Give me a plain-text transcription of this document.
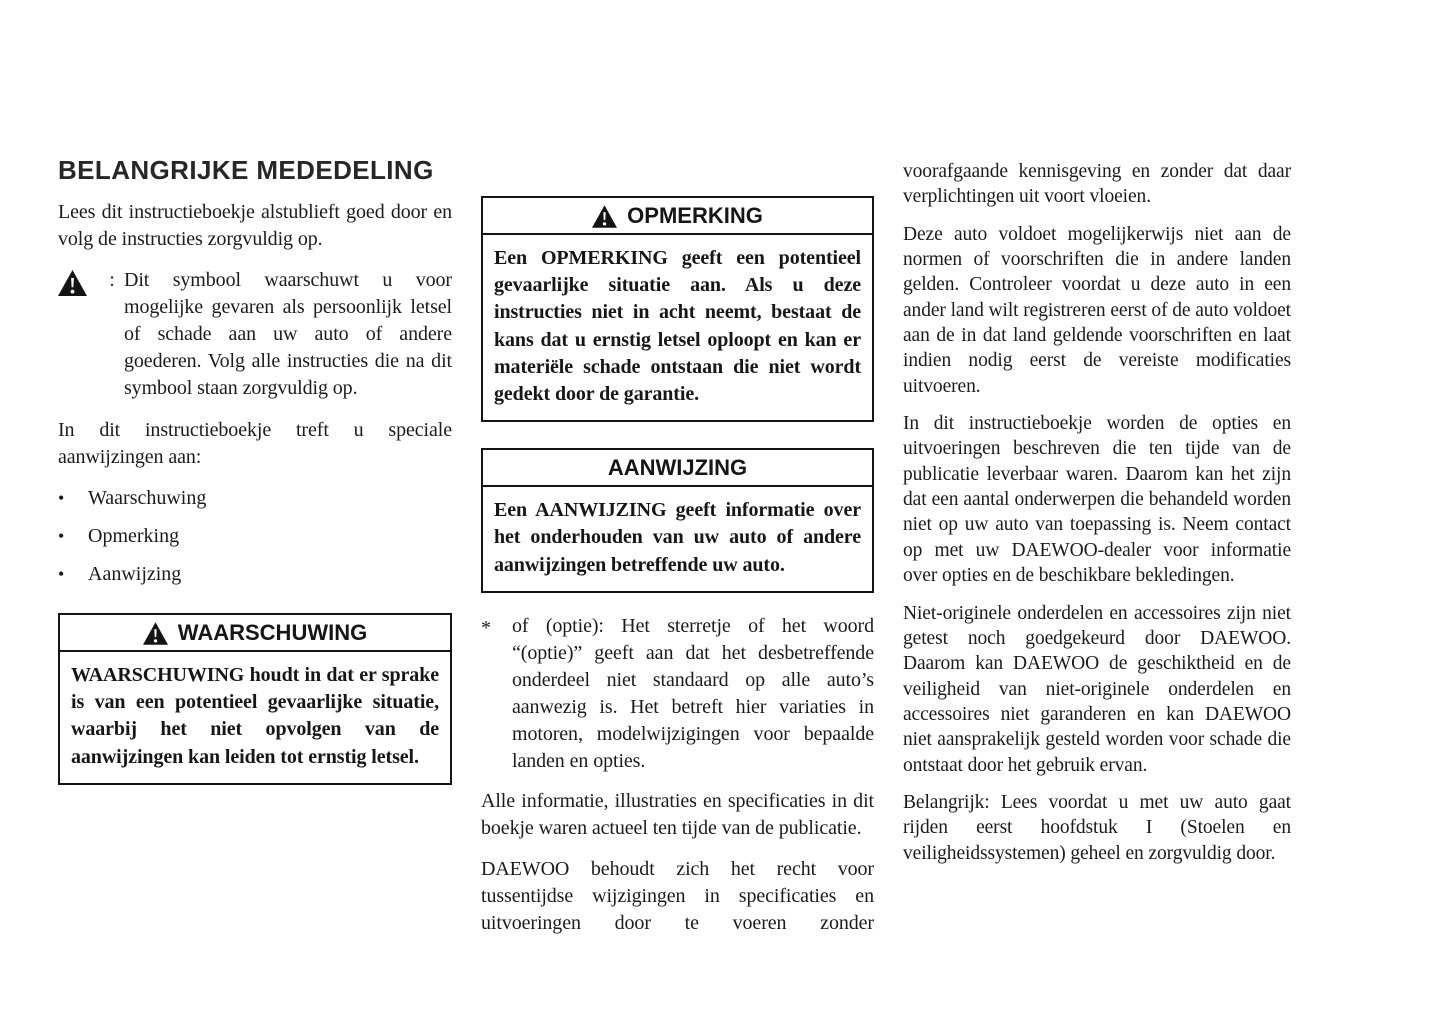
BELANGRIJKE MEDEDELING

Lees dit instructieboekje alstublieft goed door en volg de instructies zorgvuldig op.

: Dit symbool waarschuwt u voor mogelijke gevaren als persoonlijk letsel of schade aan uw auto of andere goederen. Volg alle instructies die na dit symbool staan zorgvuldig op.

In dit instructieboekje treft u speciale aanwijzingen aan:

•	Waarschuwing
•	Opmerking
•	Aanwijzing
WAARSCHUWING
WAARSCHUWING houdt in dat er sprake is van een potentieel gevaarlijke situatie, waarbij het niet opvolgen van de aanwijzingen kan leiden tot ernstig letsel.
OPMERKING
Een OPMERKING geeft een potentieel gevaarlijke situatie aan. Als u deze instructies niet in acht neemt, bestaat de kans dat u ernstig letsel oploopt en kan er materiële schade ontstaan die niet wordt gedekt door de garantie.
AANWIJZING
Een AANWIJZING geeft informatie over het onderhouden van uw auto of andere aanwijzingen betreffende uw auto.
*	of (optie): Het sterretje of het woord “(optie)” geeft aan dat het desbetreffende onderdeel niet standaard op alle auto’s aanwezig is. Het betreft hier variaties in motoren, modelwijzigingen voor bepaalde landen en opties.

Alle informatie, illustraties en specificaties in dit boekje waren actueel ten tijde van de publicatie.

DAEWOO behoudt zich het recht voor tussentijdse wijzigingen in specificaties en uitvoeringen door te voeren zonder

voorafgaande kennisgeving en zonder dat daar verplichtingen uit voort vloeien.

Deze auto voldoet mogelijkerwijs niet aan de normen of voorschriften die in andere landen gelden. Controleer voordat u deze auto in een ander land wilt registreren eerst of de auto voldoet aan de in dat land geldende voorschriften en laat indien nodig eerst de vereiste modificaties uitvoeren.

In dit instructieboekje worden de opties en uitvoeringen beschreven die ten tijde van de publicatie leverbaar waren. Daarom kan het zijn dat een aantal onderwerpen die behandeld worden niet op uw auto van toepassing is. Neem contact op met uw DAEWOO-dealer voor informatie over opties en de beschikbare bekledingen.

Niet-originele onderdelen en accessoires zijn niet getest noch goedgekeurd door DAEWOO. Daarom kan DAEWOO de geschiktheid en de veiligheid van niet-originele onderdelen en accessoires niet garanderen en kan DAEWOO niet aansprakelijk gesteld worden voor schade die ontstaat door het gebruik ervan.

Belangrijk: Lees voordat u met uw auto gaat rijden eerst hoofdstuk I (Stoelen en veiligheidssystemen) geheel en zorgvuldig door.
